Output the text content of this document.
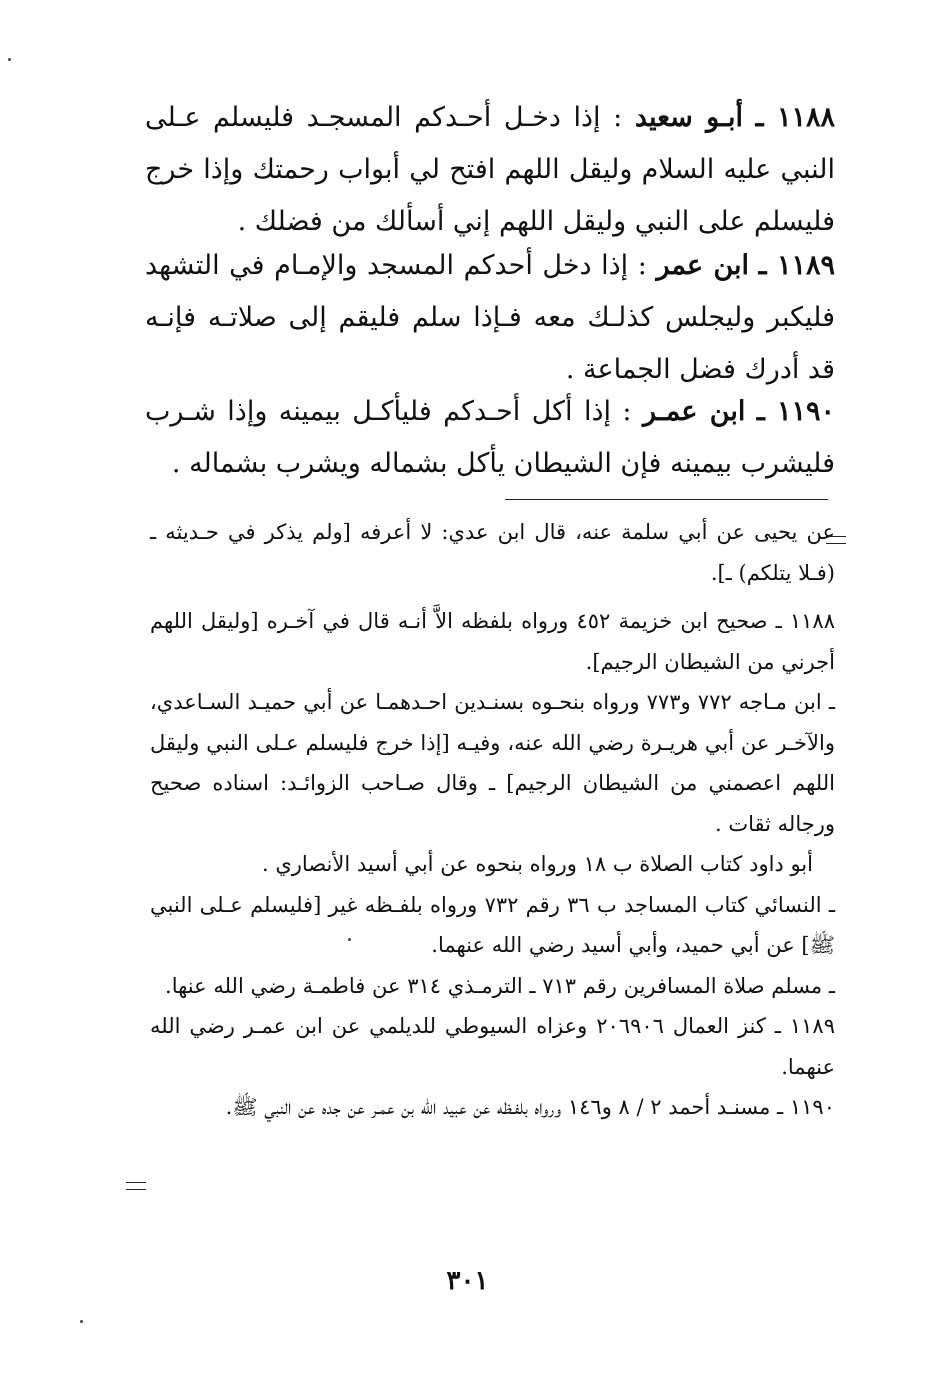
١١٨٨ ـ أبـو سعيد : إذا دخـل أحـدكم المسجـد فليسلم عـلى النبي عليه السلام وليقل اللهم افتح لي أبواب رحمتك وإذا خرج فليسلم على النبي وليقل اللهم إني أسألك من فضلك .

١١٨٩ ـ ابن عمر : إذا دخل أحدكم المسجد والإمـام في التشهد فليكبر وليجلس كذلـك معه فـإذا سلم فليقم إلى صلاتـه فإنـه قد أدرك فضل الجماعة .

١١٩٠ ـ ابن عمـر : إذا أكل أحـدكم فليأكـل بيمينه وإذا شـرب فليشرب بيمينه فإن الشيطان يأكل بشماله ويشرب بشماله .

عن يحيى عن أبي سلمة عنه، قال ابن عدي: لا أعرفه [ولم يذكر في حـديثه ـ (فـلا يتلكم) ـ].
١١٨٨ ـ صحيح ابن خزيمة ٤٥٢ ورواه بلفظه الاَّ أنـه قال في آخـره [وليقل اللهم أجرني من الشيطان الرجيم].
ـ ابن مـاجه ٧٧٢ و٧٧٣ ورواه بنحـوه بسنـدين احـدهمـا عن أبي حميـد السـاعدي، والآخـر عن أبي هريـرة رضي الله عنه، وفيـه [إذا خرج فليسلم عـلى النبي وليقل اللهم اعصمني من الشيطان الرجيم] ـ وقال صـاحب الزوائـد: اسناده صحيح ورجاله ثقات .
أبو داود كتاب الصلاة ب ١٨ ورواه بنحوه عن أبي أسيد الأنصاري .
ـ النسائي كتاب المساجد ب ٣٦ رقم ٧٣٢ ورواه بلفـظه غير [فليسلم عـلى النبي ﷺ] عن أبي حميد، وأبي أسيد رضي الله عنهما.
ـ مسلم صلاة المسافرين رقم ٧١٣ ـ الترمـذي ٣١٤ عن فاطمـة رضي الله عنها.
١١٨٩ ـ كنز العمال ٢٠٦٩٠٦ وعزاه السيوطي للديلمي عن ابن عمـر رضي الله عنهما.
١١٩٠ ـ مسنـد أحمد ٢ / ٨ و١٤٦ ورواه بلفـظه عن عبيد الله بن عمـر عن جده عن النبي ﷺ.
٣٠١
